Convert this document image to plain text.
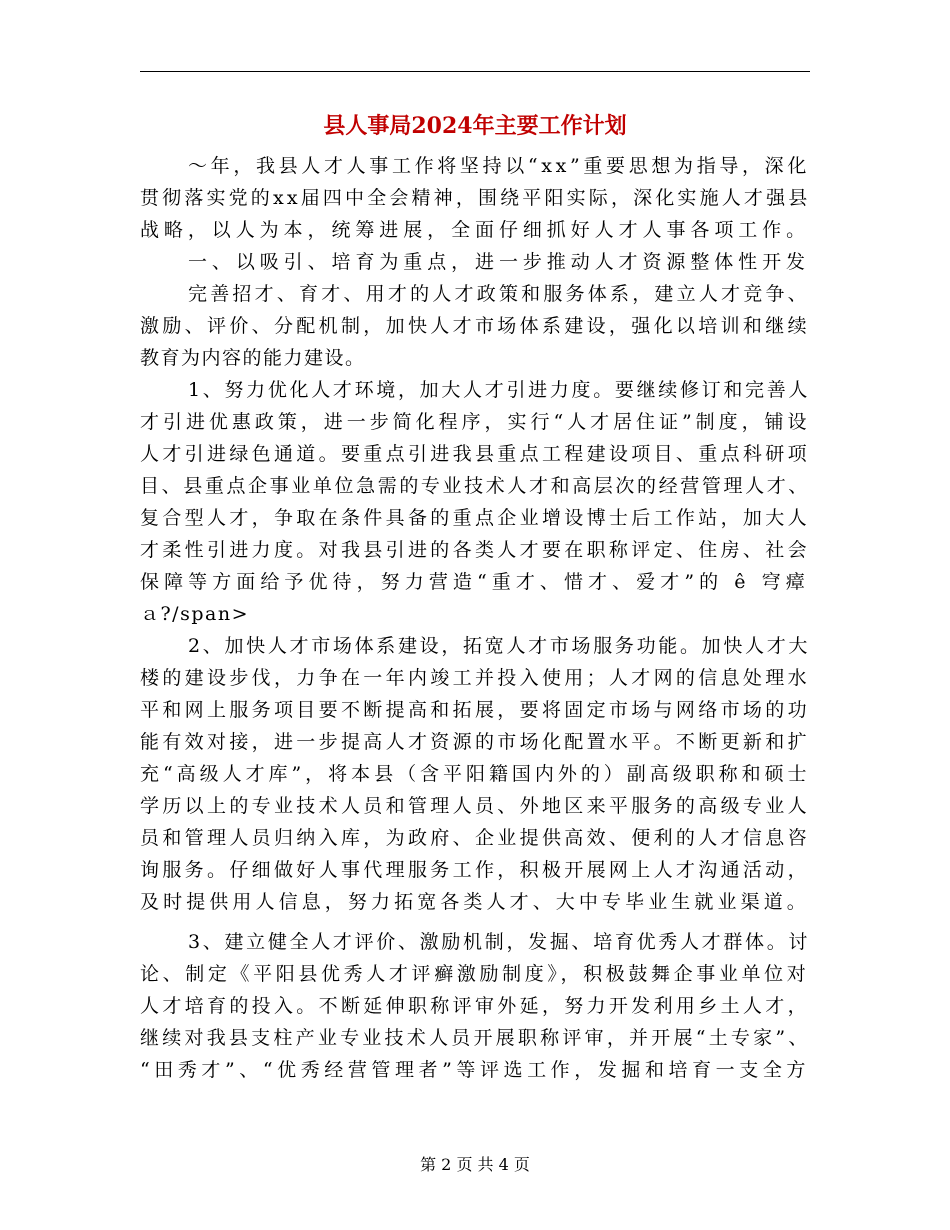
县人事局2024年主要工作计划
～年，我县人才人事工作将坚持以“xx”重要思想为指导，深化
贯彻落实党的xx届四中全会精神，围绕平阳实际，深化实施人才强县
战略，以人为本，统筹进展，全面仔细抓好人才人事各项工作。
一、以吸引、培育为重点，进一步推动人才资源整体性开发
完善招才、育才、用才的人才政策和服务体系，建立人才竞争、
激励、评价、分配机制，加快人才市场体系建设，强化以培训和继续
教育为内容的能力建设。
1、努力优化人才环境，加大人才引进力度。要继续修订和完善人
才引进优惠政策，进一步简化程序，实行“人才居住证”制度，铺设
人才引进绿色通道。要重点引进我县重点工程建设项目、重点科研项
目、县重点企事业单位急需的专业技术人才和高层次的经营管理人才、
复合型人才，争取在条件具备的重点企业增设博士后工作站，加大人
才柔性引进力度。对我县引进的各类人才要在职称评定、住房、社会
保障等方面给予优待，努力营造“重才、惜才、爱才”的 ê 穹瘴
ａ?/span>
2、加快人才市场体系建设，拓宽人才市场服务功能。加快人才大
楼的建设步伐，力争在一年内竣工并投入使用；人才网的信息处理水
平和网上服务项目要不断提高和拓展，要将固定市场与网络市场的功
能有效对接，进一步提高人才资源的市场化配置水平。不断更新和扩
充“高级人才库”，将本县（含平阳籍国内外的）副高级职称和硕士
学历以上的专业技术人员和管理人员、外地区来平服务的高级专业人
员和管理人员归纳入库，为政府、企业提供高效、便利的人才信息咨
询服务。仔细做好人事代理服务工作，积极开展网上人才沟通活动，
及时提供用人信息，努力拓宽各类人才、大中专毕业生就业渠道。
3、建立健全人才评价、激励机制，发掘、培育优秀人才群体。讨
论、制定《平阳县优秀人才评癣激励制度》，积极鼓舞企事业单位对
人才培育的投入。不断延伸职称评审外延，努力开发利用乡土人才，
继续对我县支柱产业专业技术人员开展职称评审，并开展“土专家”、
“田秀才”、“优秀经营管理者”等评选工作，发掘和培育一支全方
第 2 页 共 4 页
